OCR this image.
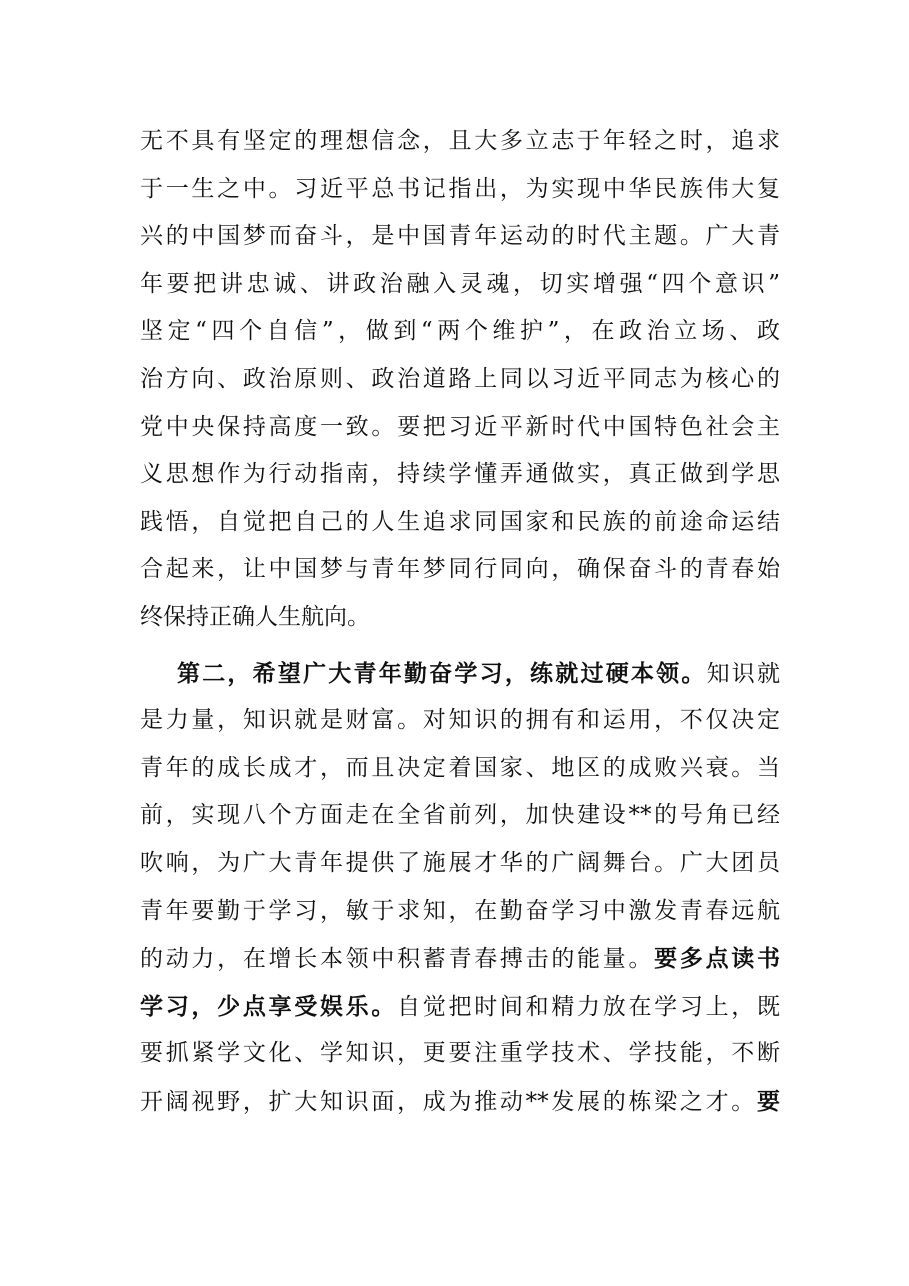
无不具有坚定的理想信念，且大多立志于年轻之时，追求
于一生之中。习近平总书记指出，为实现中华民族伟大复
兴的中国梦而奋斗，是中国青年运动的时代主题。广大青
年要把讲忠诚、讲政治融入灵魂，切实增强“四个意识”
坚定“四个自信”，做到“两个维护”，在政治立场、政
治方向、政治原则、政治道路上同以习近平同志为核心的
党中央保持高度一致。要把习近平新时代中国特色社会主
义思想作为行动指南，持续学懂弄通做实，真正做到学思
践悟，自觉把自己的人生追求同国家和民族的前途命运结
合起来，让中国梦与青年梦同行同向，确保奋斗的青春始
终保持正确人生航向。
第二，希望广大青年勤奋学习，练就过硬本领。知识就
是力量，知识就是财富。对知识的拥有和运用，不仅决定
青年的成长成才，而且决定着国家、地区的成败兴衰。当
前，实现八个方面走在全省前列，加快建设**的号角已经
吹响，为广大青年提供了施展才华的广阔舞台。广大团员
青年要勤于学习，敏于求知，在勤奋学习中激发青春远航
的动力，在增长本领中积蓄青春搏击的能量。要多点读书
学习，少点享受娱乐。自觉把时间和精力放在学习上，既
要抓紧学文化、学知识，更要注重学技术、学技能，不断
开阔视野，扩大知识面，成为推动**发展的栋梁之才。要
